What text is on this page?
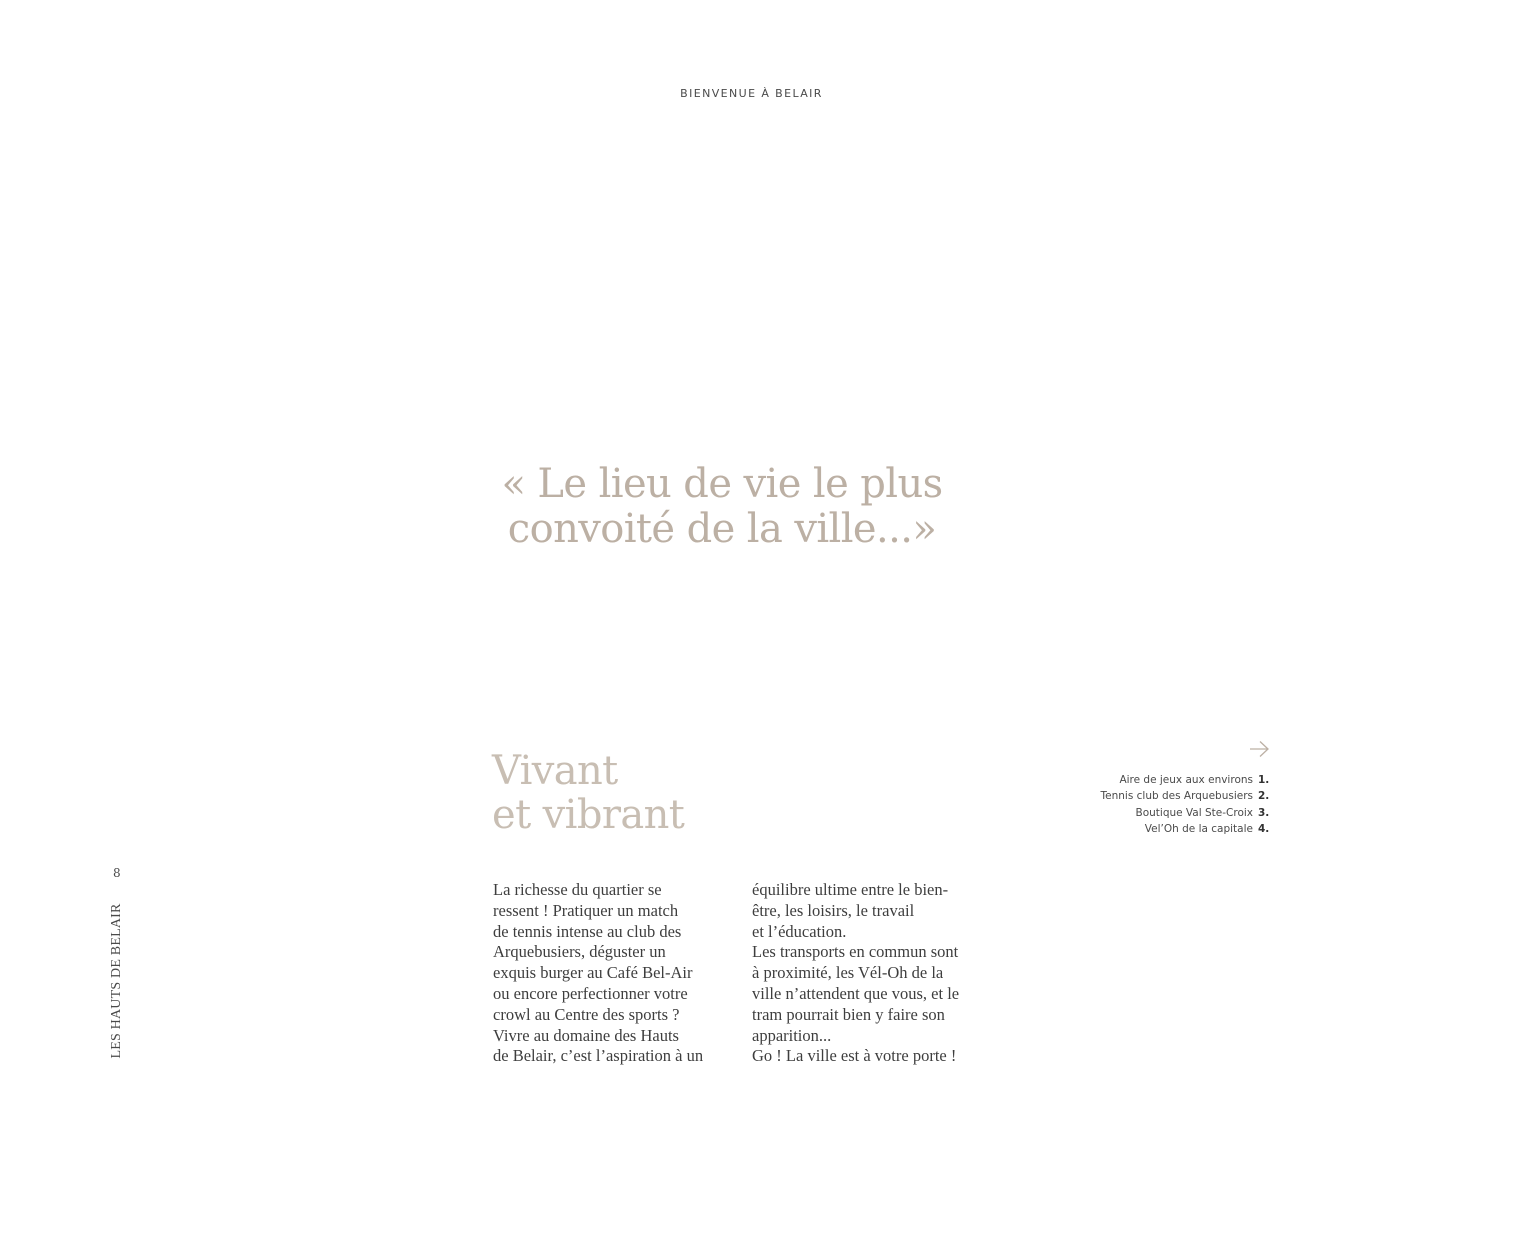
BIENVENUE À BELAIR
« Le lieu de vie le plus
convoité de la ville...»
Vivant
et vibrant
La richesse du quartier se
ressent ! Pratiquer un match
de tennis intense au club des
Arquebusiers, déguster un
exquis burger au Café Bel-Air
ou encore perfectionner votre
crowl au Centre des sports ?
Vivre au domaine des Hauts
de Belair, c’est l’aspiration à un
équilibre ultime entre le bien-
être, les loisirs, le travail
et l’éducation.
Les transports en commun sont
à proximité, les Vél-Oh de la
ville n’attendent que vous, et le
tram pourrait bien y faire son
apparition...
Go ! La ville est à votre porte !
Aire de jeux aux environs 1.
Tennis club des Arquebusiers 2.
Boutique Val Ste-Croix 3.
Vel’Oh de la capitale 4.
8
LES HAUTS DE BELAIR
